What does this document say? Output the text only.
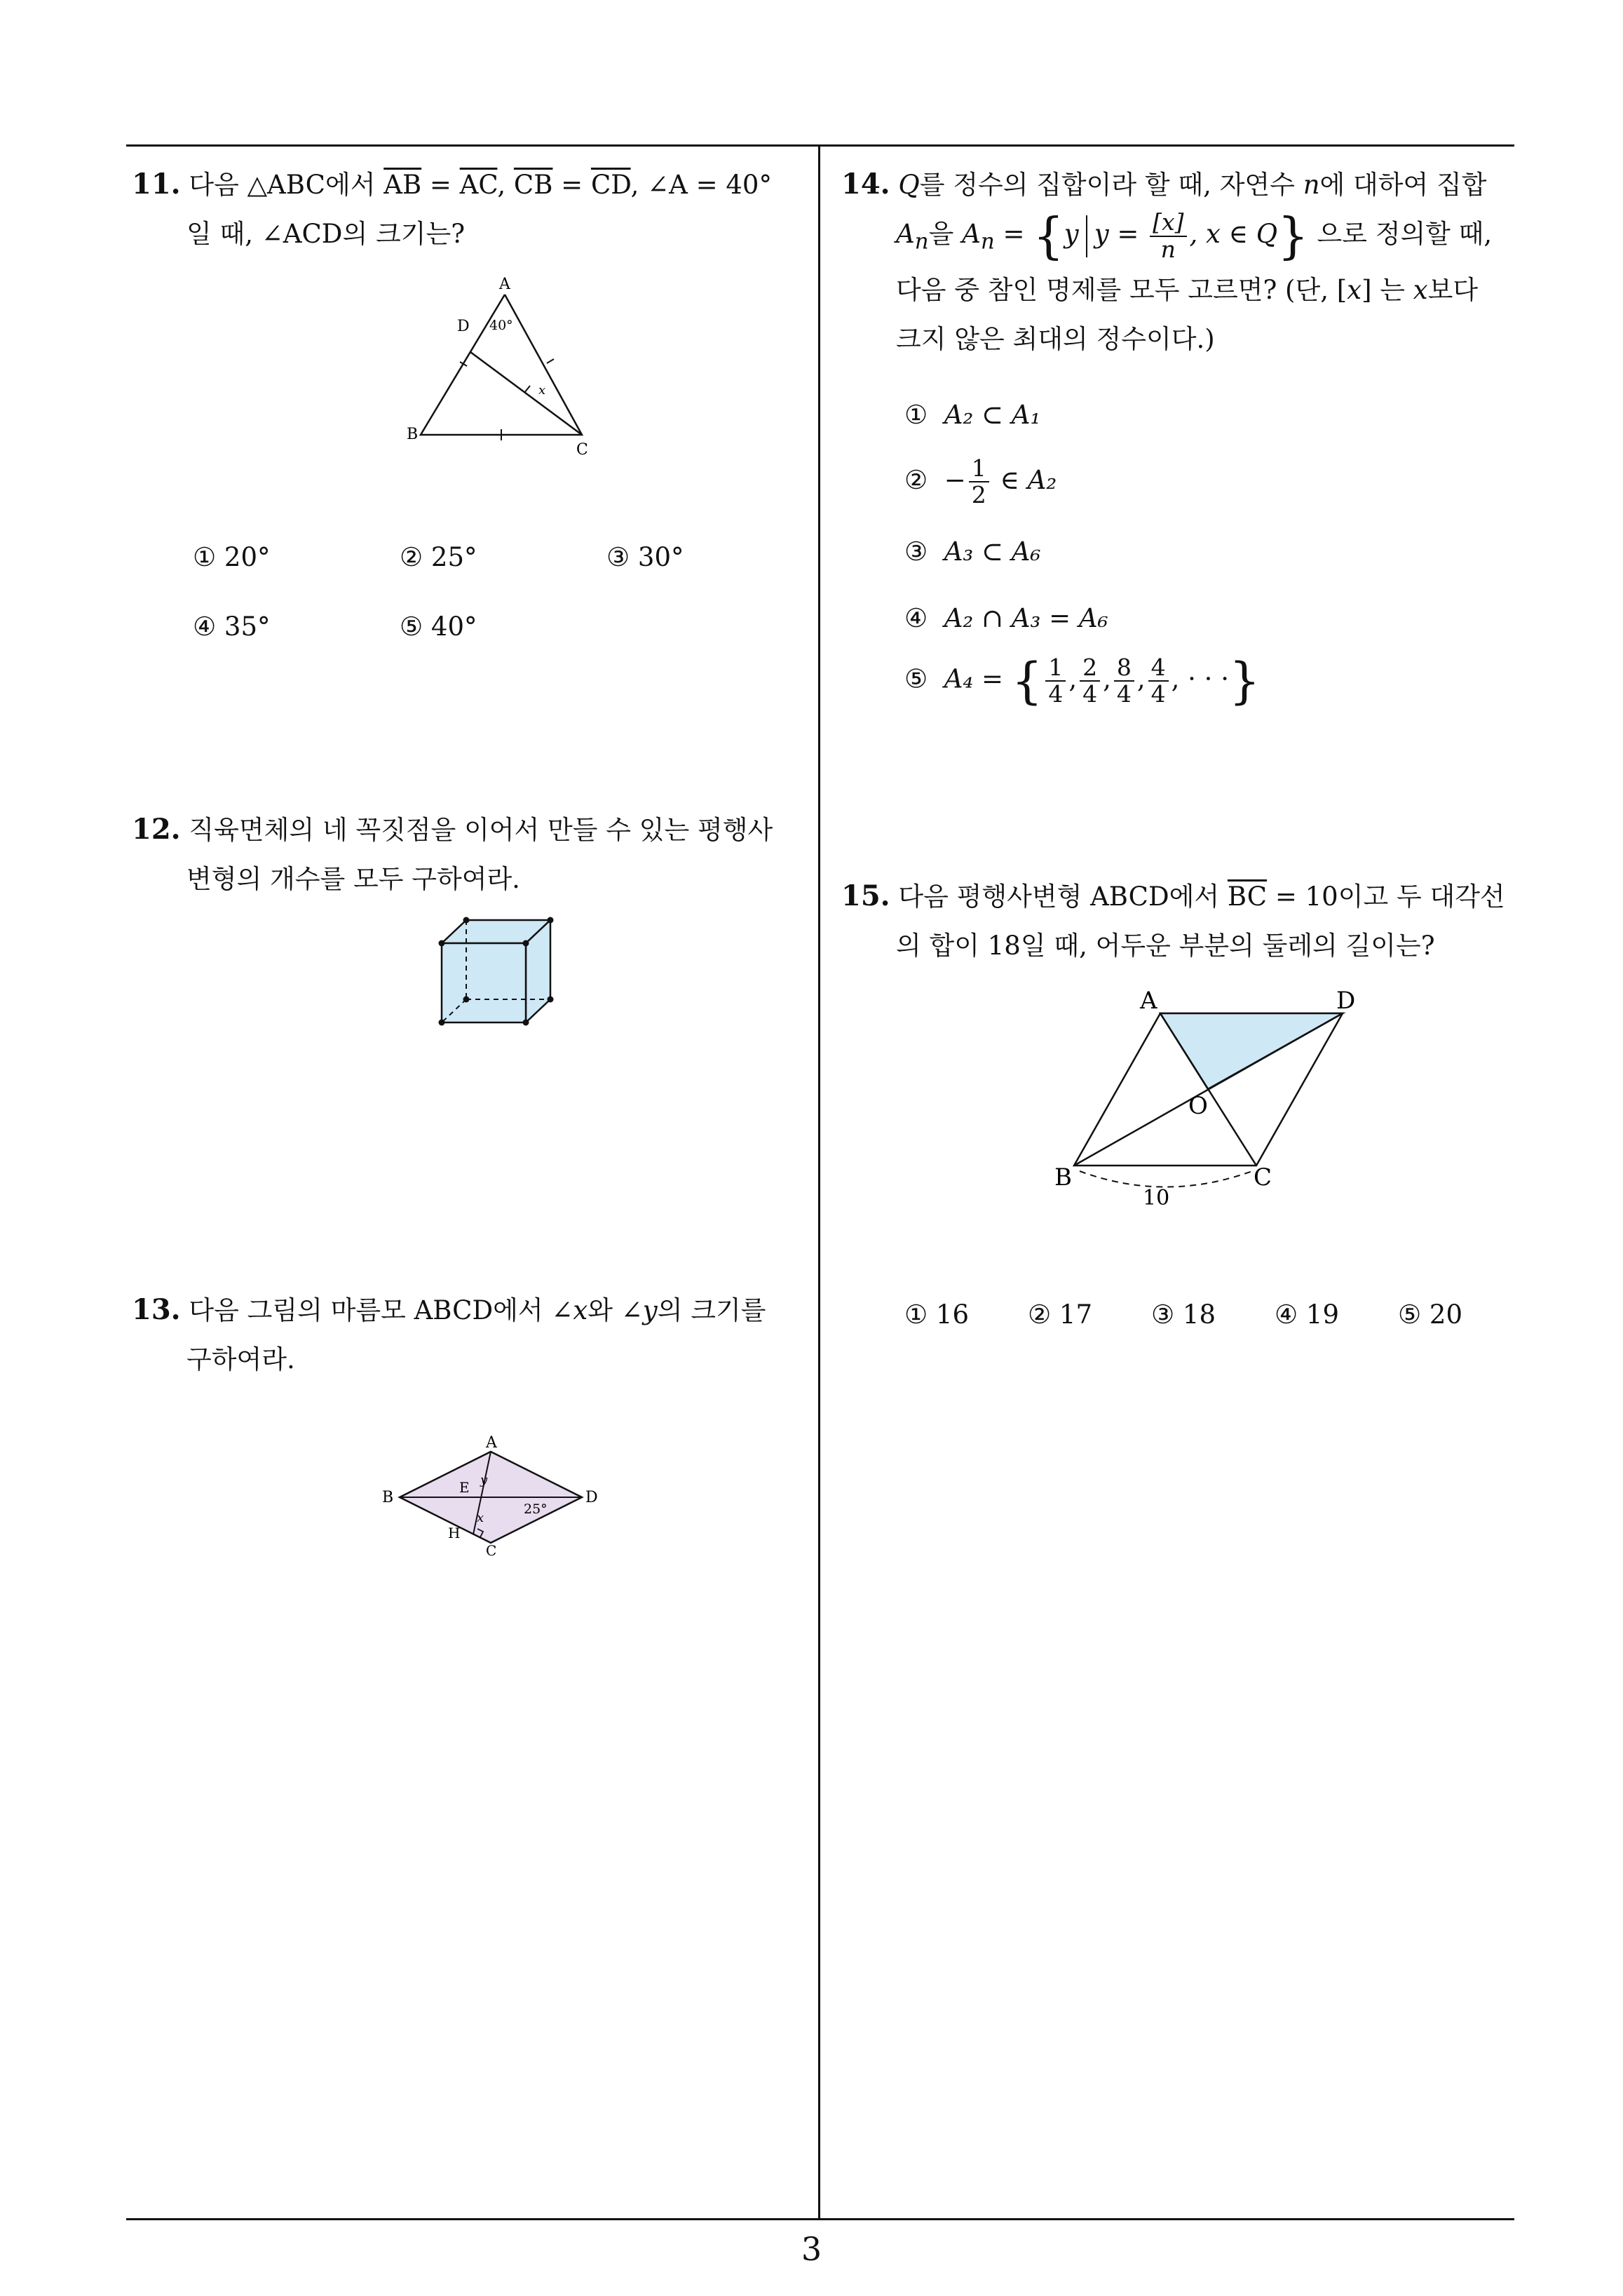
11. 다음 △ABC에서 $\overline{AB} = \overline{AC}$, $\overline{CB} = \overline{CD}$, ∠A = 40°
일 때, ∠ACD의 크기는?
A
D 40°
x
B
C
① 20°	② 25°	③ 30°
④ 35°	⑤ 40°
12. 직육면체의 네 꼭짓점을 이어서 만들 수 있는 평행사
변형의 개수를 모두 구하여라.
13. 다음 그림의 마름모 ABCD에서 ∠x와 ∠y의 크기를
구하여라.
A
B
E y
D
25°
x
H
C
14. Q를 정수의 집합이라 할 때, 자연수 n에 대하여 집합
$A_n$을 $A_n = \{y$ $y = \frac{[x]}{n}$ , x ∈ Q} 으로 정의할 때,
다음 중 참인 명제를 모두 고르면? (단, [x] 는 x보다
크지 않은 최대의 정수이다.)
① A₂ ⊂ A₁
② − $\frac{1}{2}$ ∈ A₂
③ A₃ ⊂ A₆
④ A₂ ∩ A₃ = A₆
⑤ A₄ = { $\frac{1}{4}$ , $\frac{2}{4}$ , $\frac{8}{4}$ , $\frac{4}{4}$ , · · ·}
15. 다음 평행사변형 ABCD에서 $\overline{BC} = 10$이고 두 대각선
의 합이 18일 때, 어두운 부분의 둘레의 길이는?
A	D
O
B	C
10
① 16 ② 17 ③ 18 ④ 19 ⑤ 20
3
